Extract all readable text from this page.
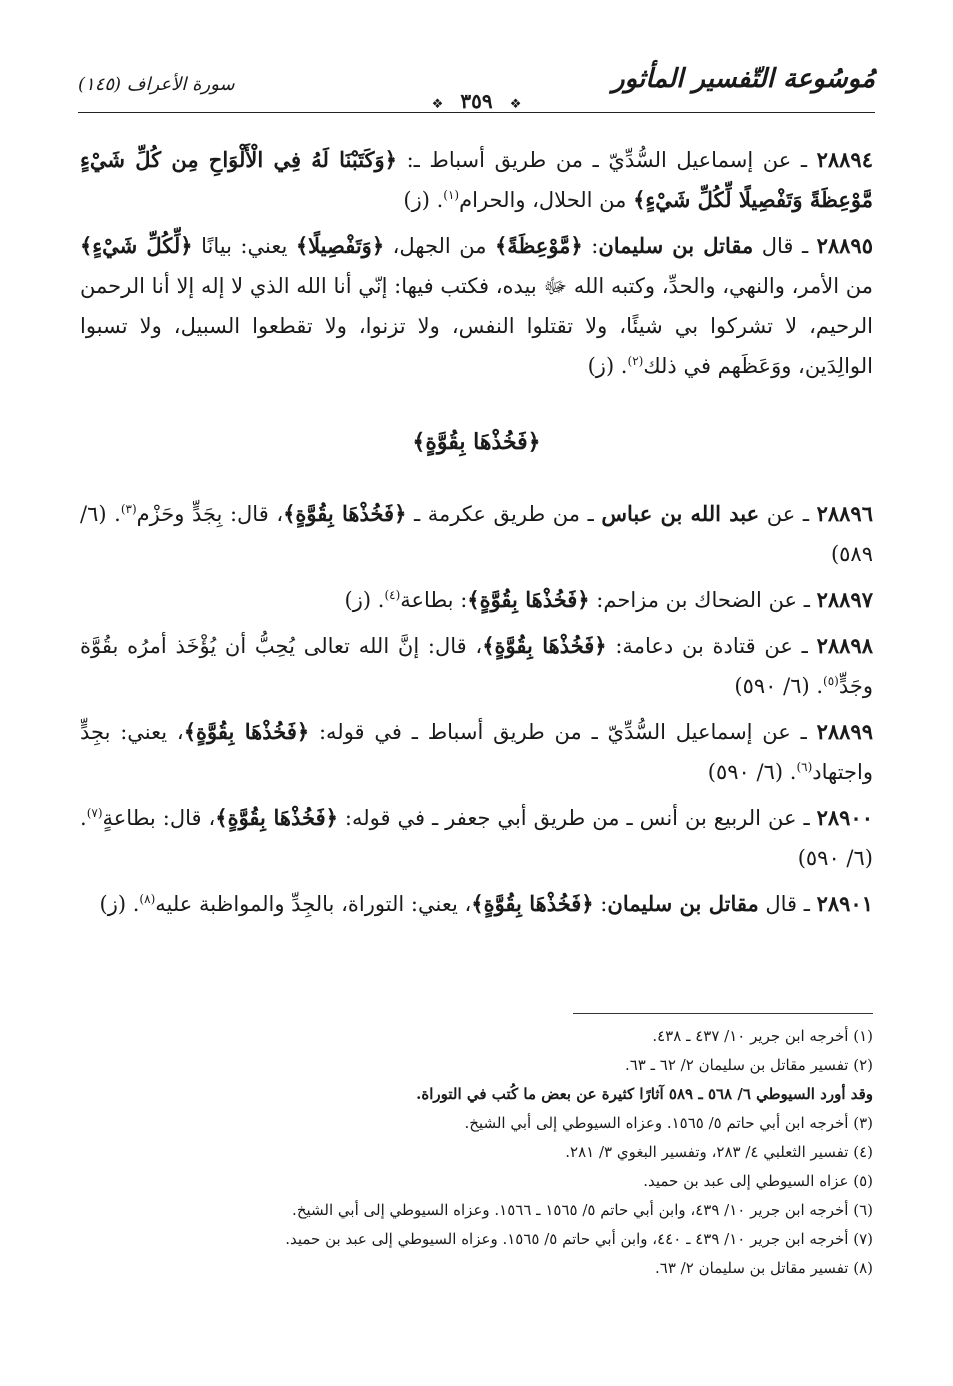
مُوسُوعة التّفسير المأثور
❖ ٣٥٩ ❖
سورة الأعراف (١٤٥)

٢٨٨٩٤ ـ عن إسماعيل السُّدِّيّ ـ من طريق أسباط ـ: ﴿وَكَتَبْنَا لَهُ فِي الْأَلْوَاحِ مِن كُلِّ شَيْءٍ مَّوْعِظَةً وَتَفْصِيلًا لِّكُلِّ شَيْءٍ﴾ من الحلال، والحرام$^{(١)}$. (ز)

٢٨٨٩٥ ـ قال مقاتل بن سليمان: ﴿مَّوْعِظَةً﴾ من الجهل، ﴿وَتَفْصِيلًا﴾ يعني: بيانًا ﴿لِّكُلِّ شَيْءٍ﴾ من الأمر، والنهي، والحدِّ، وكتبه الله ﷻ بيده، فكتب فيها: إنّي أنا الله الذي لا إله إلا أنا الرحمن الرحيم، لا تشركوا بي شيئًا، ولا تقتلوا النفس، ولا تزنوا، ولا تقطعوا السبيل، ولا تسبوا الوالِدَين، ووَعَظَهم في ذلك$^{(٢)}$. (ز)

﴿فَخُذْهَا بِقُوَّةٍ﴾

٢٨٨٩٦ ـ عن عبد الله بن عباس ـ من طريق عكرمة ـ ﴿فَخُذْهَا بِقُوَّةٍ﴾، قال: بِجَدٍّ وحَزْم$^{(٣)}$. (٦/ ٥٨٩)

٢٨٨٩٧ ـ عن الضحاك بن مزاحم: ﴿فَخُذْهَا بِقُوَّةٍ﴾: بطاعة$^{(٤)}$. (ز)

٢٨٨٩٨ ـ عن قتادة بن دعامة: ﴿فَخُذْهَا بِقُوَّةٍ﴾، قال: إنَّ الله تعالى يُحِبُّ أن يُؤْخَذ أمرُه بقُوَّة وجَدٍّ$^{(٥)}$. (٦/ ٥٩٠)

٢٨٨٩٩ ـ عن إسماعيل السُّدِّيّ ـ من طريق أسباط ـ في قوله: ﴿فَخُذْهَا بِقُوَّةٍ﴾، يعني: بجِدٍّ واجتهاد$^{(٦)}$. (٦/ ٥٩٠)

٢٨٩٠٠ ـ عن الربيع بن أنس ـ من طريق أبي جعفر ـ في قوله: ﴿فَخُذْهَا بِقُوَّةٍ﴾، قال: بطاعةٍ$^{(٧)}$. (٦/ ٥٩٠)

٢٨٩٠١ ـ قال مقاتل بن سليمان: ﴿فَخُذْهَا بِقُوَّةٍ﴾، يعني: التوراة، بالجِدِّ والمواظبة عليه$^{(٨)}$. (ز)

(١) أخرجه ابن جرير ١٠/ ٤٣٧ ـ ٤٣٨.

(٢) تفسير مقاتل بن سليمان ٢/ ٦٢ ـ ٦٣.

وقد أورد السيوطي ٦/ ٥٦٨ ـ ٥٨٩ آثارًا كثيرة عن بعض ما كُتب في التوراة.

(٣) أخرجه ابن أبي حاتم ٥/ ١٥٦٥. وعزاه السيوطي إلى أبي الشيخ.

(٤) تفسير الثعلبي ٤/ ٢٨٣، وتفسير البغوي ٣/ ٢٨١.

(٥) عزاه السيوطي إلى عبد بن حميد.

(٦) أخرجه ابن جرير ١٠/ ٤٣٩، وابن أبي حاتم ٥/ ١٥٦٥ ـ ١٥٦٦. وعزاه السيوطي إلى أبي الشيخ.

(٧) أخرجه ابن جرير ١٠/ ٤٣٩ ـ ٤٤٠، وابن أبي حاتم ٥/ ١٥٦٥. وعزاه السيوطي إلى عبد بن حميد.

(٨) تفسير مقاتل بن سليمان ٢/ ٦٣.
